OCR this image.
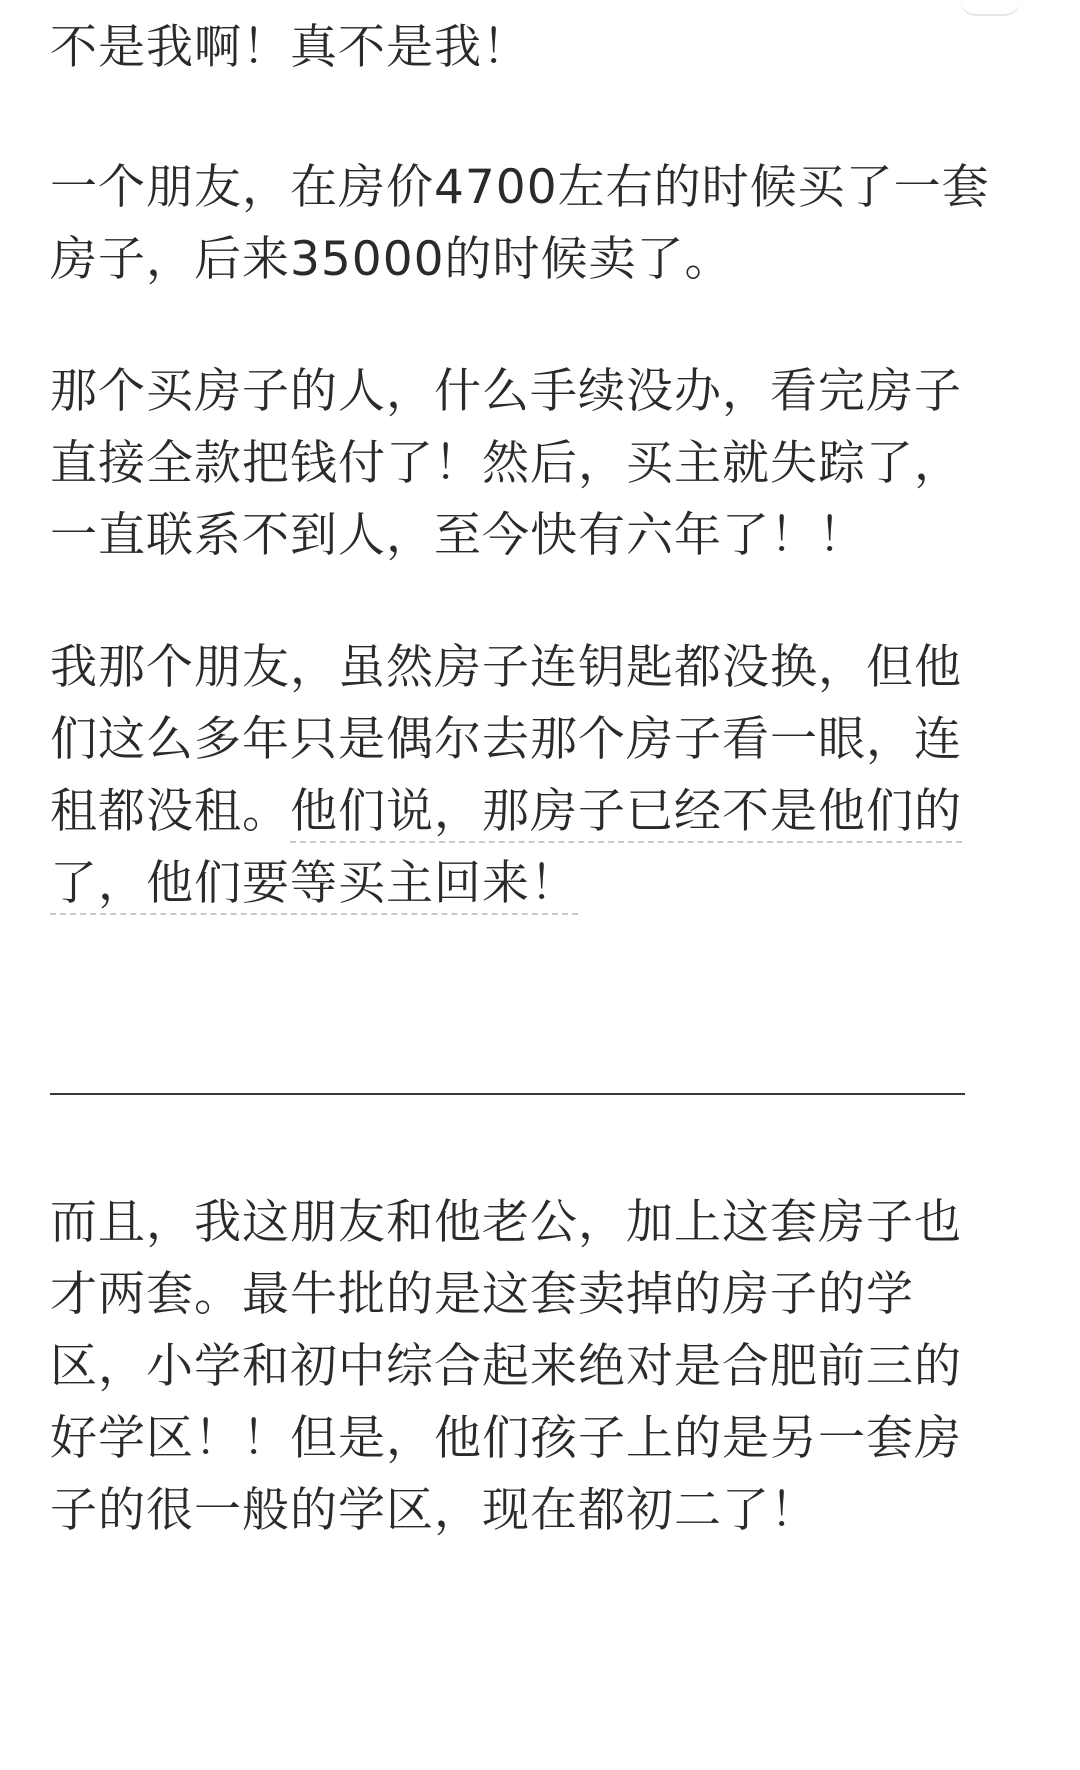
不是我啊！真不是我！
一个朋友，在房价4700左右的时候买了一套
房子，后来35000的时候卖了。
那个买房子的人，什么手续没办，看完房子
直接全款把钱付了！然后，买主就失踪了，
一直联系不到人，至今快有六年了！！
我那个朋友，虽然房子连钥匙都没换，但他
们这么多年只是偶尔去那个房子看一眼，连
租都没租。他们说，那房子已经不是他们的
了，他们要等买主回来！
而且，我这朋友和他老公，加上这套房子也
才两套。最牛批的是这套卖掉的房子的学
区，小学和初中综合起来绝对是合肥前三的
好学区！！但是，他们孩子上的是另一套房
子的很一般的学区，现在都初二了！
